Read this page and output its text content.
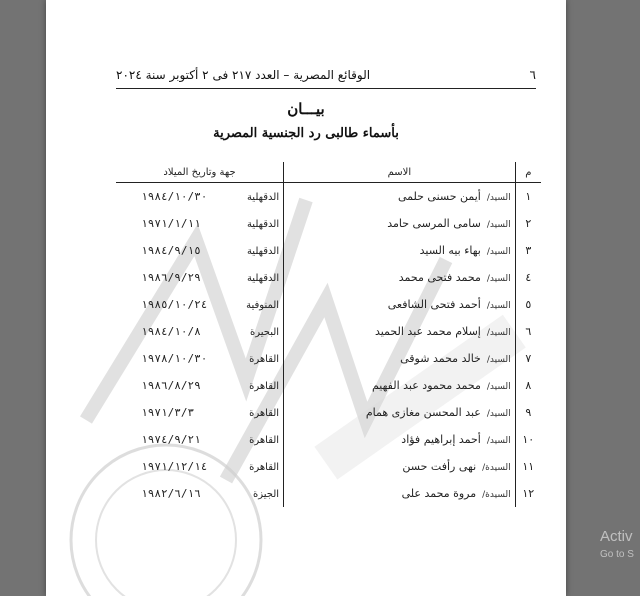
٦
الوقائع المصرية – العدد ٢١٧ فى ٢ أكتوبر سنة ٢٠٢٤
بيـــان
بأسماء طالبى رد الجنسية المصرية
م	الاسم	جهة وتاريخ الميلاد
١	السيد/أيمن حسنى حلمى	الدقهلية١٩٨٤/١٠/٣٠
٢	السيد/سامى المرسى حامد	الدقهلية١٩٧١/١/١١
٣	السيد/بهاء بيه السيد	الدقهلية١٩٨٤/٩/١٥
٤	السيد/محمد فتحى محمد	الدقهلية١٩٨٦/٩/٢٩
٥	السيد/أحمد فتحى الشافعى	المنوفية١٩٨٥/١٠/٢٤
٦	السيد/إسلام محمد عبد الحميد	البحيرة١٩٨٤/١٠/٨
٧	السيد/خالد محمد شوقى	القاهرة١٩٧٨/١٠/٣٠
٨	السيد/محمد محمود عبد الفهيم	القاهرة١٩٨٦/٨/٢٩
٩	السيد/عبد المحسن مغازى همام	القاهرة١٩٧١/٣/٣
١٠	السيد/أحمد إبراهيم فؤاد	القاهرة١٩٧٤/٩/٢١
١١	السيدة/نهى رأفت حسن	القاهرة١٩٧١/١٢/١٤
١٢	السيدة/مروة محمد على	الجيزة١٩٨٢/٦/١٦
Activ
Go to S
